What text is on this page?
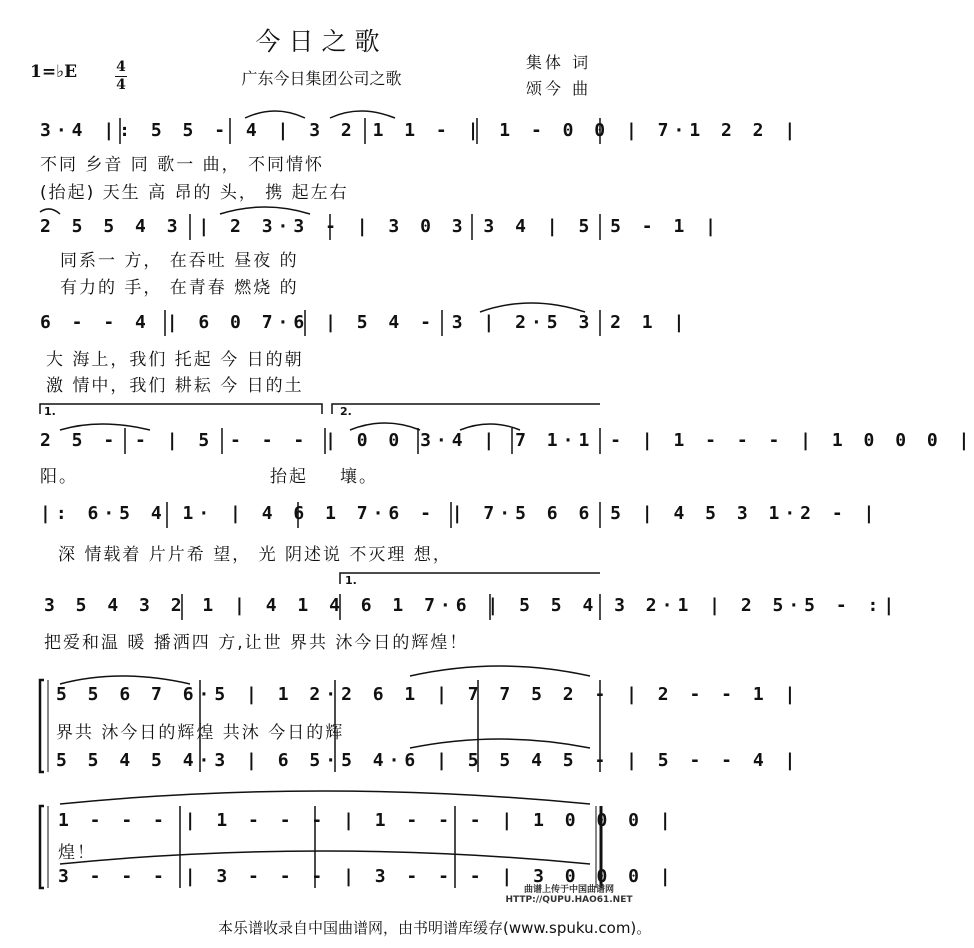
今日之歌
广东今日集团公司之歌
1=♭E	4
4
集体 词
颂今 曲
3·4 |: 5 5 - 4 | 3 2 1 1 - | 1 - 0 0 | 7·1 2 2 |
不同 乡音 同 歌一 曲， 不同情怀
(抬起) 天生 高 昂的 头， 携 起左右
2 5 5 4 3 | 2 3·3 - | 3 0 3 3 4 | 5 5 - 1 |
同系一 方， 在吞吐 昼夜 的
有力的 手， 在青春 燃烧 的
6 - - 4 | 6 0 7·6 | 5 4 - 3 | 2·5 3 2 1 |
大 海上，我们 托起 今 日的朝
激 情中，我们 耕耘 今 日的土
1.	2.
2 5 - - | 5 - - - | 0 0 3·4 | 7 1·1 - | 1 - - - | 1 0 0 0 |
阳。	抬起 壤。
|: 6·5 4 1· | 4 6 1 7·6 - | 7·5 6 6 5 | 4 5 3 1·2 - |
深 情载着 片片希 望， 光 阴述说 不灭理 想，
1.
3 5 4 3 2 1 | 4 1 4 6 1 7·6 | 5 5 4 3 2·1 | 2 5·5 - :|
把爱和温 暖 播洒四 方,让世 界共 沐今日的辉煌！
5 5 6 7 6·5 | 1 2·2 6 1 | 7 7 5 2 - | 2 - - 1 |
界共 沐今日的辉煌 共沐 今日的辉
5 5 4 5 4·3 | 6 5·5 4·6 | 5 5 4 5 - | 5 - - 4 |
1 - - - | 1 - - - | 1 - - - | 1 0 0 0 |
煌！
3 - - - | 3 - - - | 3 - - - | 3 0 0 0 |
曲谱上传于中国曲谱网
HTTP://QUPU.HAO61.NET
本乐谱收录自中国曲谱网，由书明谱库缓存(www.spuku.com)。
